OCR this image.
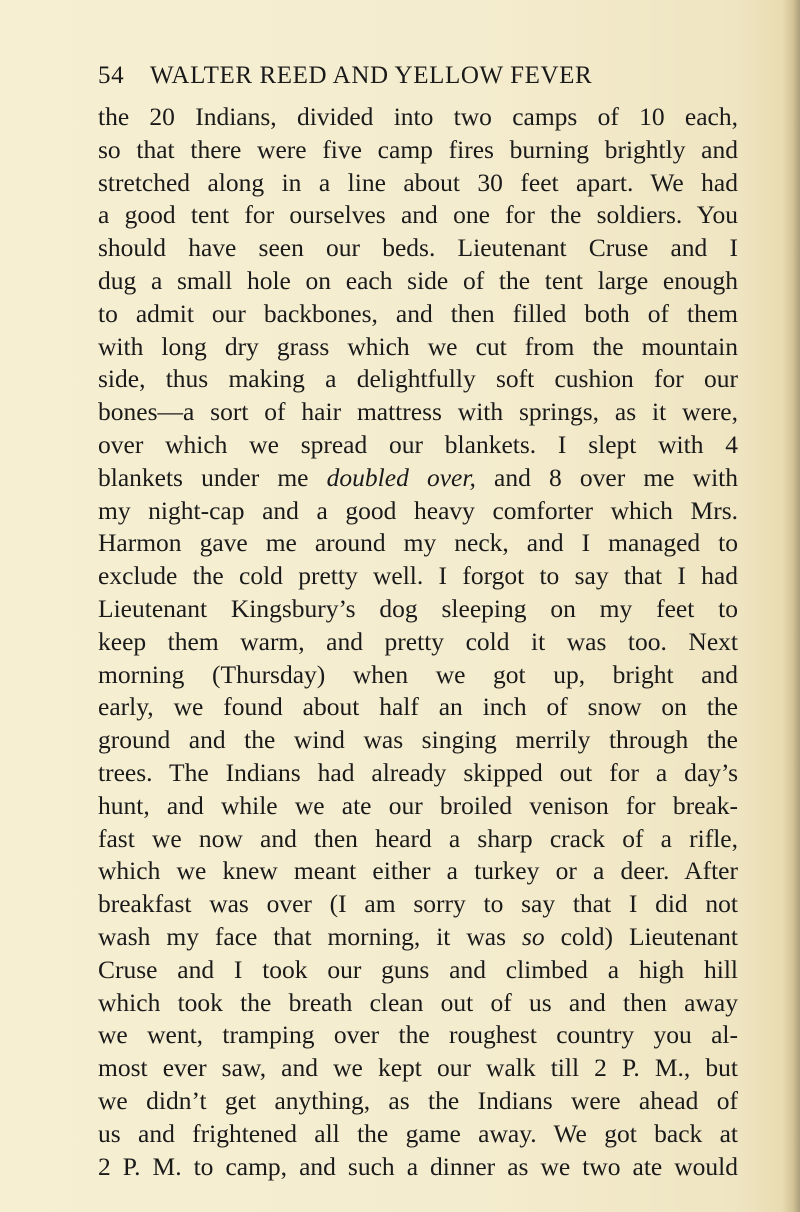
54 WALTER REED AND YELLOW FEVER
the 20 Indians, divided into two camps of 10 each,
so that there were five camp fires burning brightly and
stretched along in a line about 30 feet apart. We had
a good tent for ourselves and one for the soldiers. You
should have seen our beds. Lieutenant Cruse and I
dug a small hole on each side of the tent large enough
to admit our backbones, and then filled both of them
with long dry grass which we cut from the mountain
side, thus making a delightfully soft cushion for our
bones—a sort of hair mattress with springs, as it were,
over which we spread our blankets. I slept with 4
blankets under me doubled over, and 8 over me with
my night-cap and a good heavy comforter which Mrs.
Harmon gave me around my neck, and I managed to
exclude the cold pretty well. I forgot to say that I had
Lieutenant Kingsbury’s dog sleeping on my feet to
keep them warm, and pretty cold it was too. Next
morning (Thursday) when we got up, bright and
early, we found about half an inch of snow on the
ground and the wind was singing merrily through the
trees. The Indians had already skipped out for a day’s
hunt, and while we ate our broiled venison for break-
fast we now and then heard a sharp crack of a rifle,
which we knew meant either a turkey or a deer. After
breakfast was over (I am sorry to say that I did not
wash my face that morning, it was so cold) Lieutenant
Cruse and I took our guns and climbed a high hill
which took the breath clean out of us and then away
we went, tramping over the roughest country you al-
most ever saw, and we kept our walk till 2 P. M., but
we didn’t get anything, as the Indians were ahead of
us and frightened all the game away. We got back at
2 P. M. to camp, and such a dinner as we two ate would
